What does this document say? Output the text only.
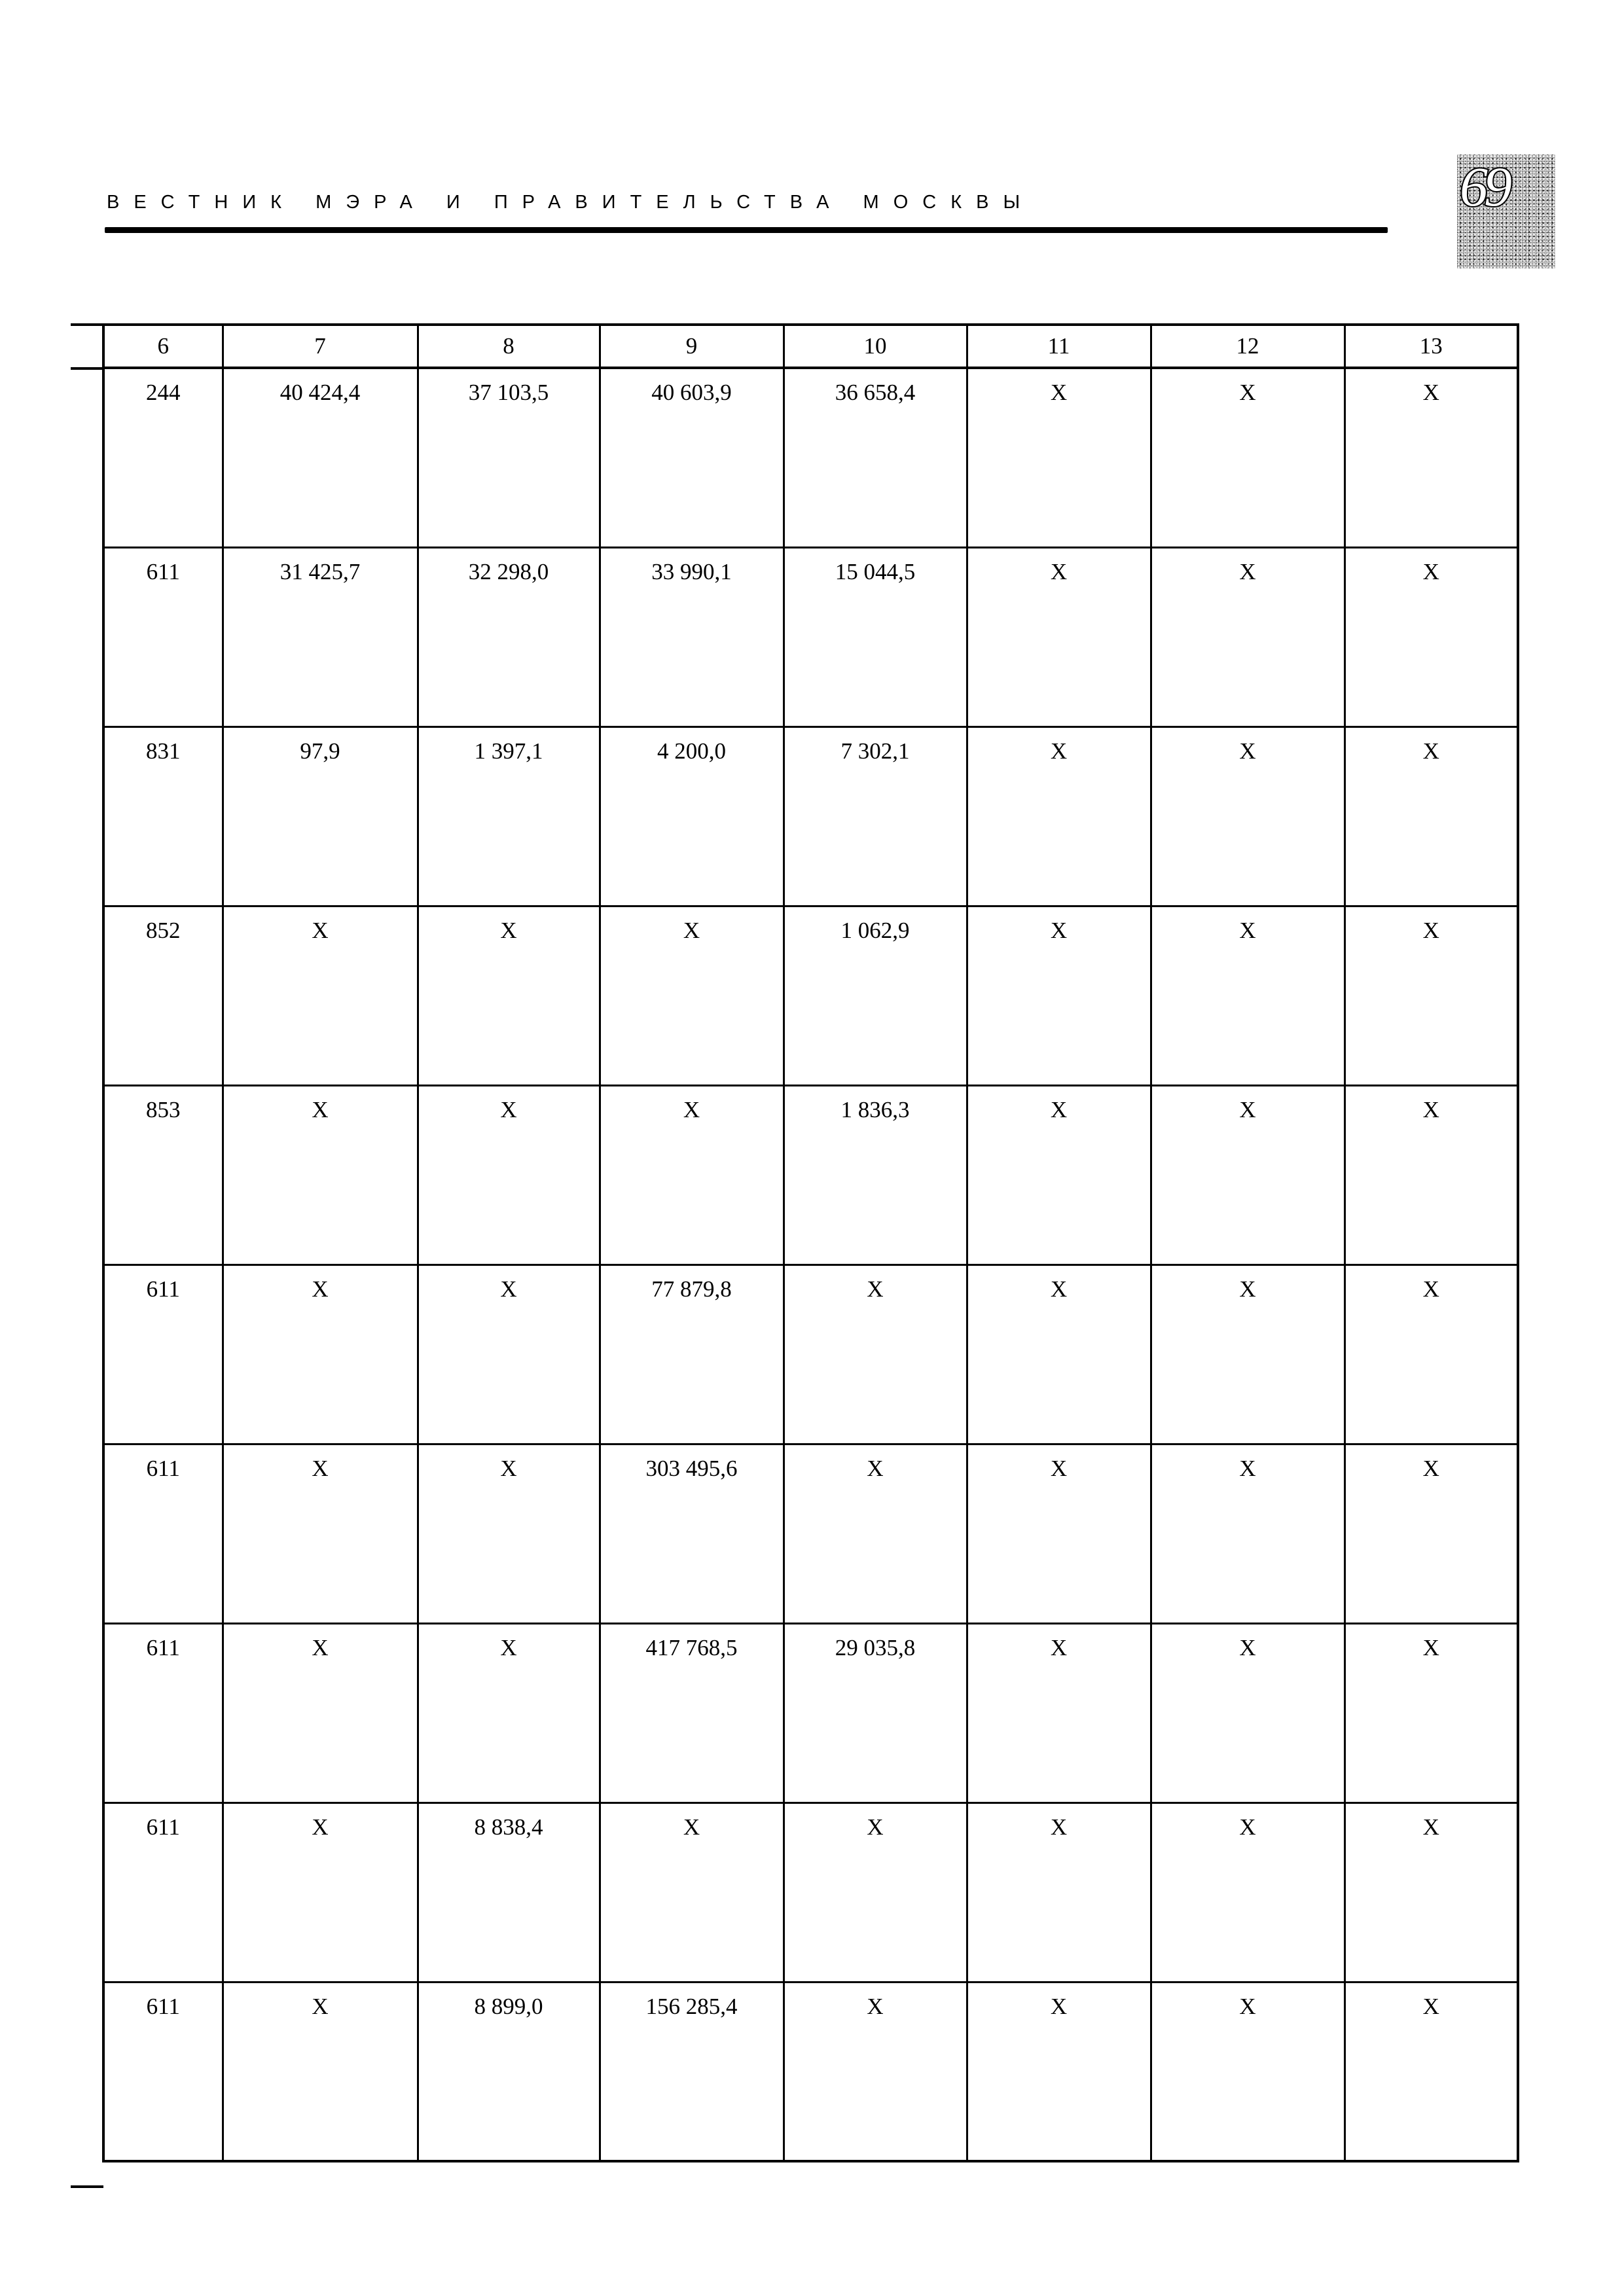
ВЕСТНИК МЭРА И ПРАВИТЕЛЬСТВА МОСКВЫ	69
6	7	8	9	10	11	12	13
244	40 424,4	37 103,5	40 603,9	36 658,4	X	X	X
611	31 425,7	32 298,0	33 990,1	15 044,5	X	X	X
831	97,9	1 397,1	4 200,0	7 302,1	X	X	X
852	X	X	X	1 062,9	X	X	X
853	X	X	X	1 836,3	X	X	X
611	X	X	77 879,8	X	X	X	X
611	X	X	303 495,6	X	X	X	X
611	X	X	417 768,5	29 035,8	X	X	X
611	X	8 838,4	X	X	X	X	X
611	X	8 899,0	156 285,4	X	X	X	X
